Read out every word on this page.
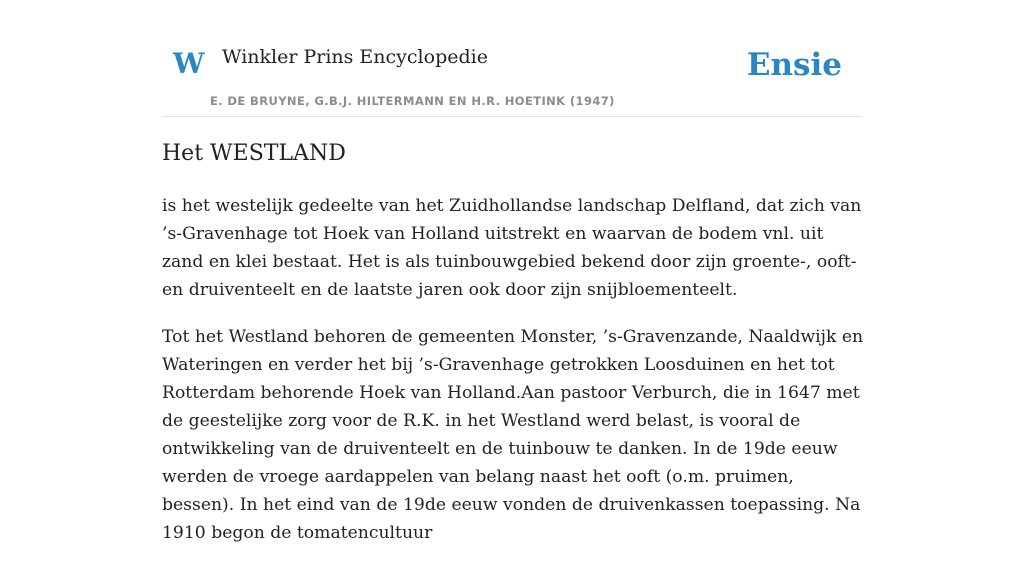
W Winkler Prins Encyclopedie
E. DE BRUYNE, G.B.J. HILTERMANN EN H.R. HOETINK (1947)
Ensie
Het WESTLAND

is het westelijk gedeelte van het Zuidhollandse landschap Delfland, dat zich van ’s-Gravenhage tot Hoek van Holland uitstrekt en waarvan de bodem vnl. uit zand en klei bestaat. Het is als tuinbouwgebied bekend door zijn groente-, ooft- en druiventeelt en de laatste jaren ook door zijn snijbloementeelt.

Tot het Westland behoren de gemeenten Monster, ’s-Gravenzande, Naaldwijk en Wateringen en verder het bij ’s-Gravenhage getrokken Loosduinen en het tot Rotterdam behorende Hoek van Holland.Aan pastoor Verburch, die in 1647 met de geestelijke zorg voor de R.K. in het Westland werd belast, is vooral de ontwikkeling van de druiventeelt en de tuinbouw te danken. In de 19de eeuw werden de vroege aardappelen van belang naast het ooft (o.m. pruimen, bessen). In het eind van de 19de eeuw vonden de druivenkassen toepassing. Na 1910 begon de tomatencultuur
